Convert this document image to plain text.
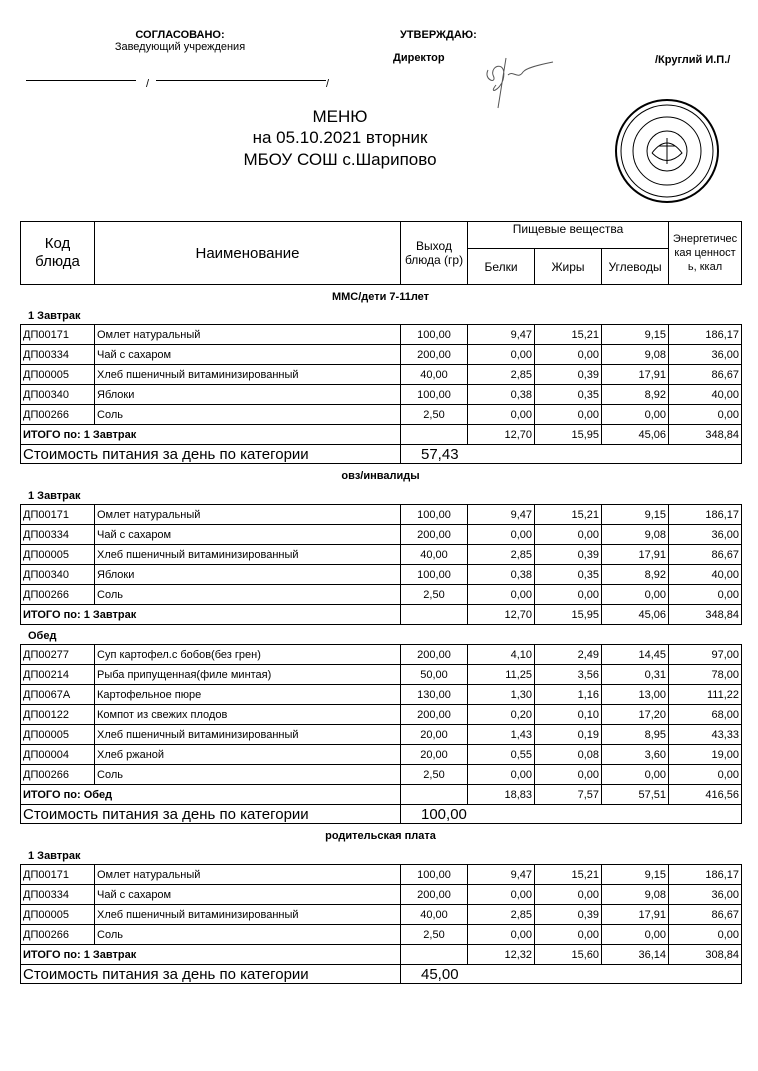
СОГЛАСОВАНО:
Заведующий учреждения
/	/
УТВЕРЖДАЮ:
Директор	/Круглий И.П./
МЕНЮ
на 05.10.2021 вторник
МБОУ СОШ с.Шарипово
Код блюда	Наименование	Выход блюда (гр)	Пищевые вещества			Энергетическая ценность, ккал
			Белки	Жиры	Углеводы	
ММС/дети 7-11лет
1 Завтрак
ДП00171	Омлет натуральный	100,00	9,47	15,21	9,15	186,17
ДП00334	Чай с сахаром	200,00	0,00	0,00	9,08	36,00
ДП00005	Хлеб пшеничный витаминизированный	40,00	2,85	0,39	17,91	86,67
ДП00340	Яблоки	100,00	0,38	0,35	8,92	40,00
ДП00266	Соль	2,50	0,00	0,00	0,00	0,00
ИТОГО по: 1 Завтрак			12,70	15,95	45,06	348,84
Стоимость питания за день по категории		57,43				
овз/инвалиды
1 Завтрак
ДП00171	Омлет натуральный	100,00	9,47	15,21	9,15	186,17
ДП00334	Чай с сахаром	200,00	0,00	0,00	9,08	36,00
ДП00005	Хлеб пшеничный витаминизированный	40,00	2,85	0,39	17,91	86,67
ДП00340	Яблоки	100,00	0,38	0,35	8,92	40,00
ДП00266	Соль	2,50	0,00	0,00	0,00	0,00
ИТОГО по: 1 Завтрак			12,70	15,95	45,06	348,84
Обед
ДП00277	Суп картофел.с бобов(без грен)	200,00	4,10	2,49	14,45	97,00
ДП00214	Рыба припущенная(филе минтая)	50,00	11,25	3,56	0,31	78,00
ДП0067А	Картофельное пюре	130,00	1,30	1,16	13,00	111,22
ДП00122	Компот из свежих плодов	200,00	0,20	0,10	17,20	68,00
ДП00005	Хлеб пшеничный витаминизированный	20,00	1,43	0,19	8,95	43,33
ДП00004	Хлеб ржаной	20,00	0,55	0,08	3,60	19,00
ДП00266	Соль	2,50	0,00	0,00	0,00	0,00
ИТОГО по: Обед			18,83	7,57	57,51	416,56
Стоимость питания за день по категории		100,00				
родительская плата
1 Завтрак
ДП00171	Омлет натуральный	100,00	9,47	15,21	9,15	186,17
ДП00334	Чай с сахаром	200,00	0,00	0,00	9,08	36,00
ДП00005	Хлеб пшеничный витаминизированный	40,00	2,85	0,39	17,91	86,67
ДП00266	Соль	2,50	0,00	0,00	0,00	0,00
ИТОГО по: 1 Завтрак			12,32	15,60	36,14	308,84
Стоимость питания за день по категории		45,00				
